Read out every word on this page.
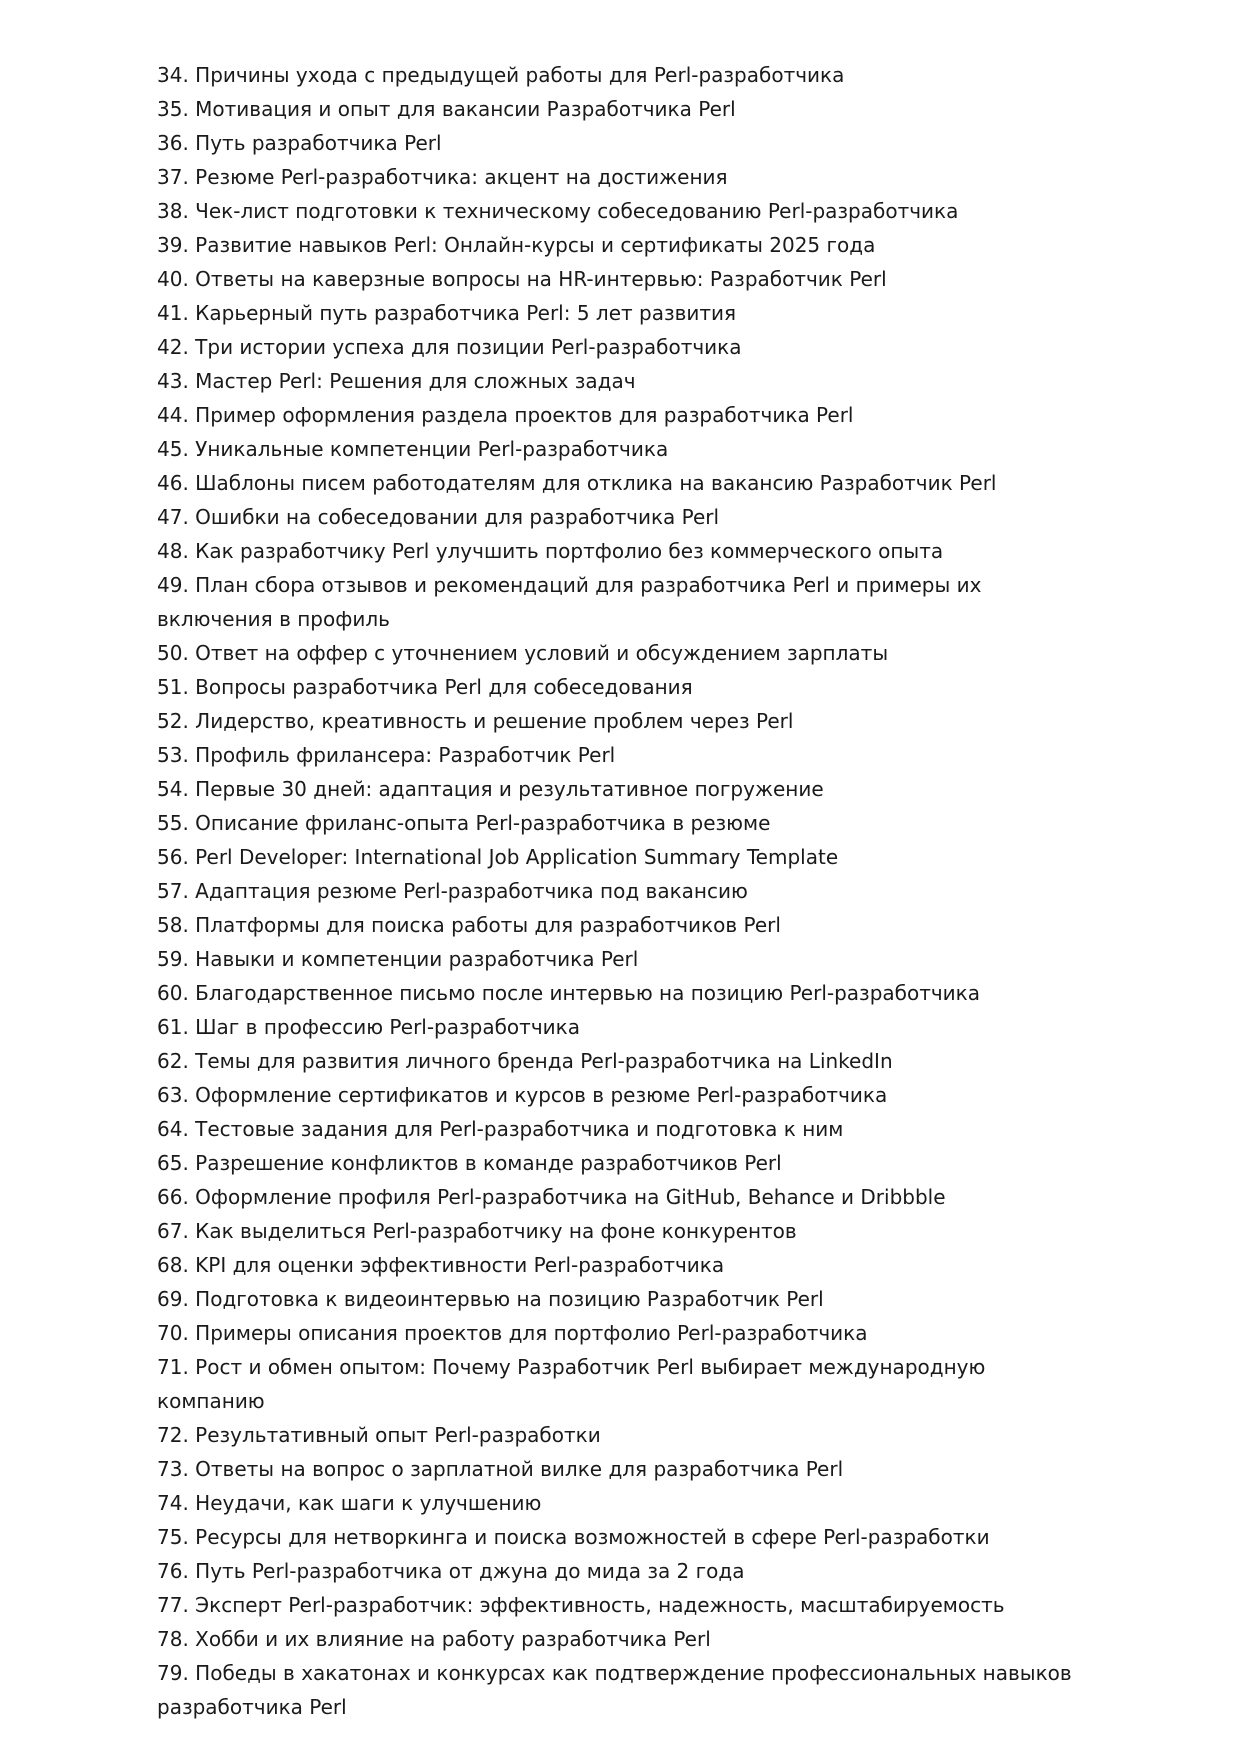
34. Причины ухода с предыдущей работы для Perl-разработчика
35. Мотивация и опыт для вакансии Разработчика Perl
36. Путь разработчика Perl
37. Резюме Perl-разработчика: акцент на достижения
38. Чек-лист подготовки к техническому собеседованию Perl-разработчика
39. Развитие навыков Perl: Онлайн-курсы и сертификаты 2025 года
40. Ответы на каверзные вопросы на HR-интервью: Разработчик Perl
41. Карьерный путь разработчика Perl: 5 лет развития
42. Три истории успеха для позиции Perl-разработчика
43. Мастер Perl: Решения для сложных задач
44. Пример оформления раздела проектов для разработчика Perl
45. Уникальные компетенции Perl-разработчика
46. Шаблоны писем работодателям для отклика на вакансию Разработчик Perl
47. Ошибки на собеседовании для разработчика Perl
48. Как разработчику Perl улучшить портфолио без коммерческого опыта
49. План сбора отзывов и рекомендаций для разработчика Perl и примеры их включения в профиль
50. Ответ на оффер с уточнением условий и обсуждением зарплаты
51. Вопросы разработчика Perl для собеседования
52. Лидерство, креативность и решение проблем через Perl
53. Профиль фрилансера: Разработчик Perl
54. Первые 30 дней: адаптация и результативное погружение
55. Описание фриланс-опыта Perl-разработчика в резюме
56. Perl Developer: International Job Application Summary Template
57. Адаптация резюме Perl-разработчика под вакансию
58. Платформы для поиска работы для разработчиков Perl
59. Навыки и компетенции разработчика Perl
60. Благодарственное письмо после интервью на позицию Perl-разработчика
61. Шаг в профессию Perl-разработчика
62. Темы для развития личного бренда Perl-разработчика на LinkedIn
63. Оформление сертификатов и курсов в резюме Perl-разработчика
64. Тестовые задания для Perl-разработчика и подготовка к ним
65. Разрешение конфликтов в команде разработчиков Perl
66. Оформление профиля Perl-разработчика на GitHub, Behance и Dribbble
67. Как выделиться Perl-разработчику на фоне конкурентов
68. KPI для оценки эффективности Perl-разработчика
69. Подготовка к видеоинтервью на позицию Разработчик Perl
70. Примеры описания проектов для портфолио Perl-разработчика
71. Рост и обмен опытом: Почему Разработчик Perl выбирает международную компанию
72. Результативный опыт Perl-разработки
73. Ответы на вопрос о зарплатной вилке для разработчика Perl
74. Неудачи, как шаги к улучшению
75. Ресурсы для нетворкинга и поиска возможностей в сфере Perl-разработки
76. Путь Perl-разработчика от джуна до мида за 2 года
77. Эксперт Perl-разработчик: эффективность, надежность, масштабируемость
78. Хобби и их влияние на работу разработчика Perl
79. Победы в хакатонах и конкурсах как подтверждение профессиональных навыков разработчика Perl
